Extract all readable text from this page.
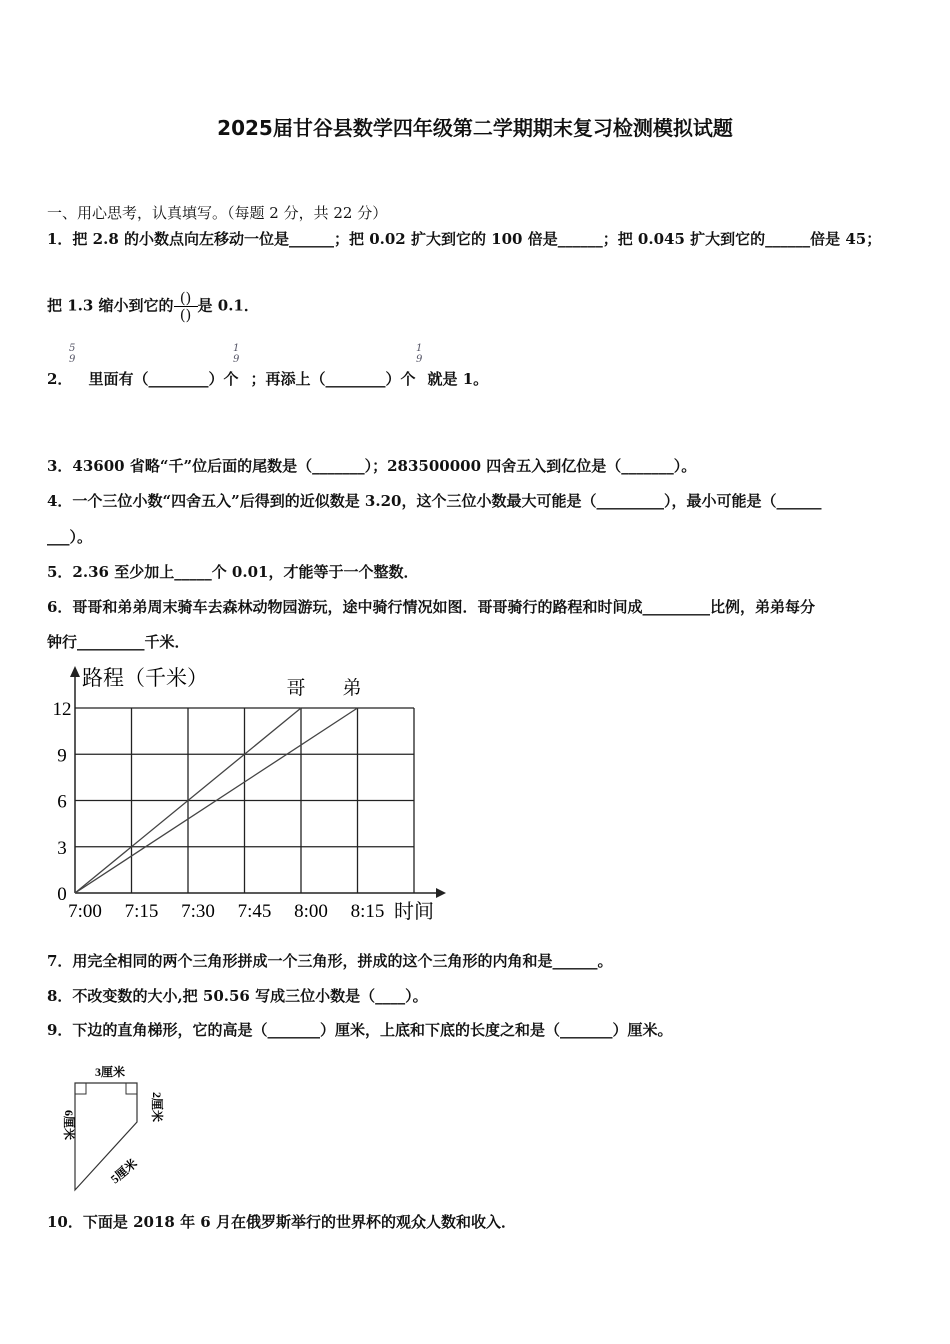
2025届甘谷县数学四年级第二学期期末复习检测模拟试题
一、用心思考，认真填写。（每题 2 分，共 22 分）
1．把 2.8 的小数点向左移动一位是______；把 0.02 扩大到它的 100 倍是______；把 0.045 扩大到它的______倍是 45；
把 1.3 缩小到它的 ()

()
是 0.1．
2． 里面有（________）个 ；再添上（________）个 就是 1。
5
9
1
9
1
9
3．43600 省略“千”位后面的尾数是（_______）；283500000 四舍五入到亿位是（_______）。
4．一个三位小数“四舍五入”后得到的近似数是 3.20，这个三位小数最大可能是（_________），最小可能是（______
___）。
5．2.36 至少加上_____个 0.01，才能等于一个整数．
6．哥哥和弟弟周末骑车去森林动物园游玩，途中骑行情况如图．哥哥骑行的路程和时间成_________比例，弟弟每分
钟行_________千米．
0
3
6
9
12
7:00 7:15 7:30 7:45 8:00 8:15
路程（千米）
时间
哥 弟
7．用完全相同的两个三角形拼成一个三角形，拼成的这个三角形的内角和是______。
8．不改变数的大小,把 50.56 写成三位小数是（____）。
9．下边的直角梯形，它的高是（_______）厘米，上底和下底的长度之和是（_______）厘米。
3厘米
6厘米
2厘米
5厘米
10．下面是 2018 年 6 月在俄罗斯举行的世界杯的观众人数和收入．
